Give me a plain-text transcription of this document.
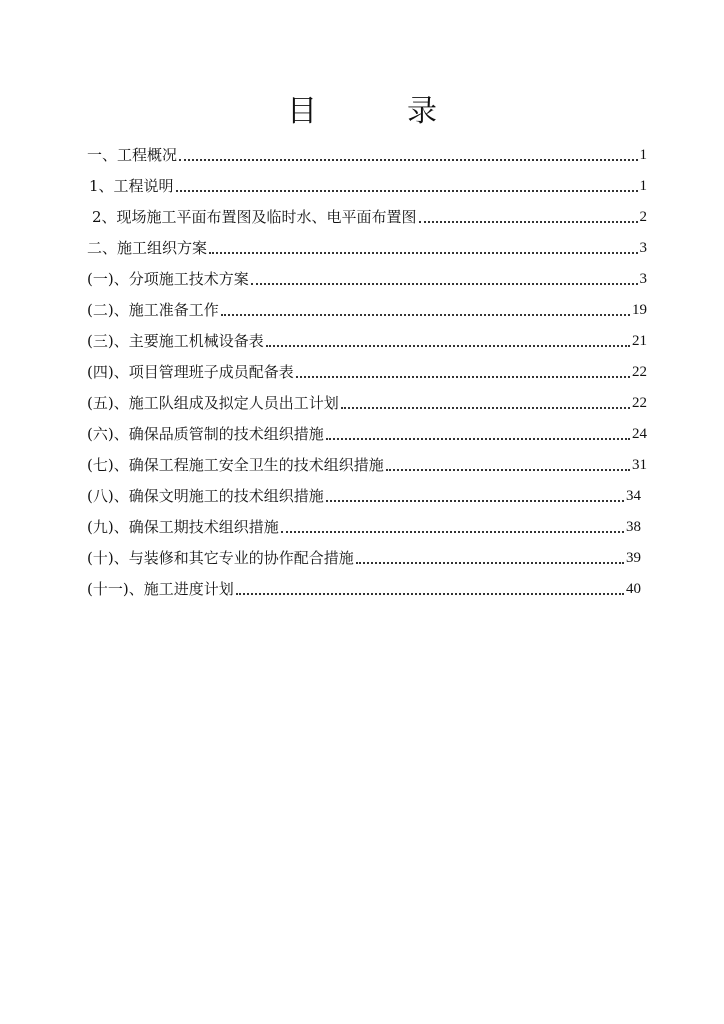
目　录
一、工程概况	1
1、工程说明	1
2、现场施工平面布置图及临时水、电平面布置图	2
二、施工组织方案	3
(一)、分项施工技术方案	3
(二)、施工准备工作	19
(三)、主要施工机械设备表	21
(四)、项目管理班子成员配备表	22
(五)、施工队组成及拟定人员出工计划	22
(六)、确保品质管制的技术组织措施	24
(七)、确保工程施工安全卫生的技术组织措施	31
(八)、确保文明施工的技术组织措施	34
(九)、确保工期技术组织措施	38
(十)、与装修和其它专业的协作配合措施	39
(十一)、施工进度计划	40
